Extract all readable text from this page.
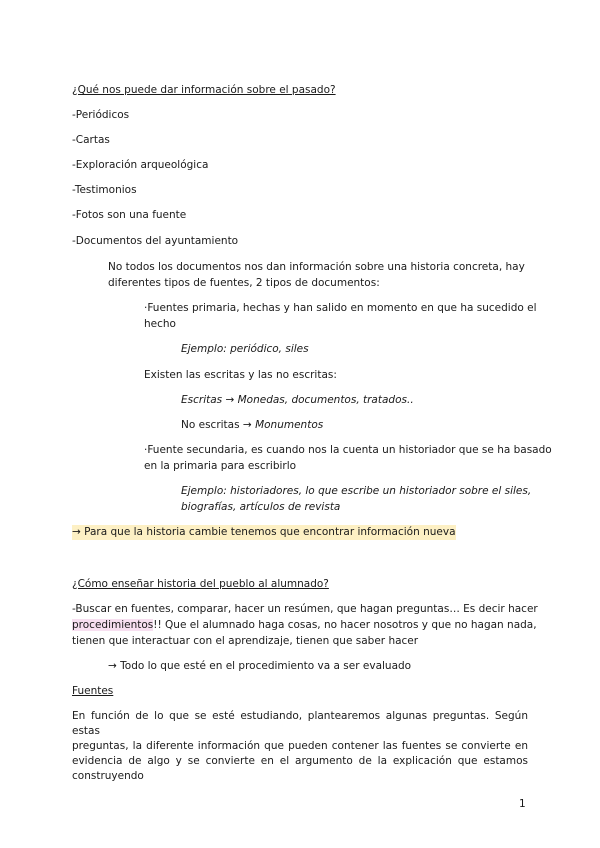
¿Qué nos puede dar información sobre el pasado?
-Periódicos
-Cartas
-Exploración arqueológica
-Testimonios
-Fotos son una fuente
-Documentos del ayuntamiento
No todos los documentos nos dan información sobre una historia concreta, hay
diferentes tipos de fuentes, 2 tipos de documentos:
·Fuentes primaria, hechas y han salido en momento en que ha sucedido el
hecho
Ejemplo: periódico, siles
Existen las escritas y las no escritas:
Escritas → Monedas, documentos, tratados..
No escritas → Monumentos
·Fuente secundaria, es cuando nos la cuenta un historiador que se ha basado
en la primaria para escribirlo
Ejemplo: historiadores, lo que escribe un historiador sobre el siles,
biografías, artículos de revista
→ Para que la historia cambie tenemos que encontrar información nueva
¿Cómo enseñar historia del pueblo al alumnado?
-Buscar en fuentes, comparar, hacer un resúmen, que hagan preguntas… Es decir hacer
procedimientos!! Que el alumnado haga cosas, no hacer nosotros y que no hagan nada,
tienen que interactuar con el aprendizaje, tienen que saber hacer
→ Todo lo que esté en el procedimiento va a ser evaluado
Fuentes
En función de lo que se esté estudiando, plantearemos algunas preguntas. Según estas
preguntas, la diferente información que pueden contener las fuentes se convierte en
evidencia de algo y se convierte en el argumento de la explicación que estamos
construyendo
1
